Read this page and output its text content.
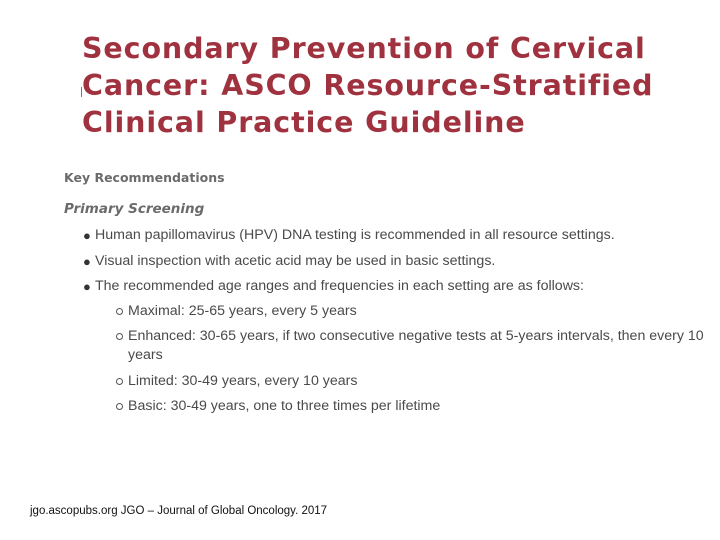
Secondary Prevention of Cervical
Cancer: ASCO Resource-Stratified
Clinical Practice Guideline
Key Recommendations
Primary Screening
● Human papillomavirus (HPV) DNA testing is recommended in all resource settings.
● Visual inspection with acetic acid may be used in basic settings.
● The recommended age ranges and frequencies in each setting are as follows:
Maximal: 25-65 years, every 5 years
Enhanced: 30-65 years, if two consecutive negative tests at 5-years intervals, then every 10 years
Limited: 30-49 years, every 10 years
Basic: 30-49 years, one to three times per lifetime
jgo.ascopubs.org JGO – Journal of Global Oncology. 2017
